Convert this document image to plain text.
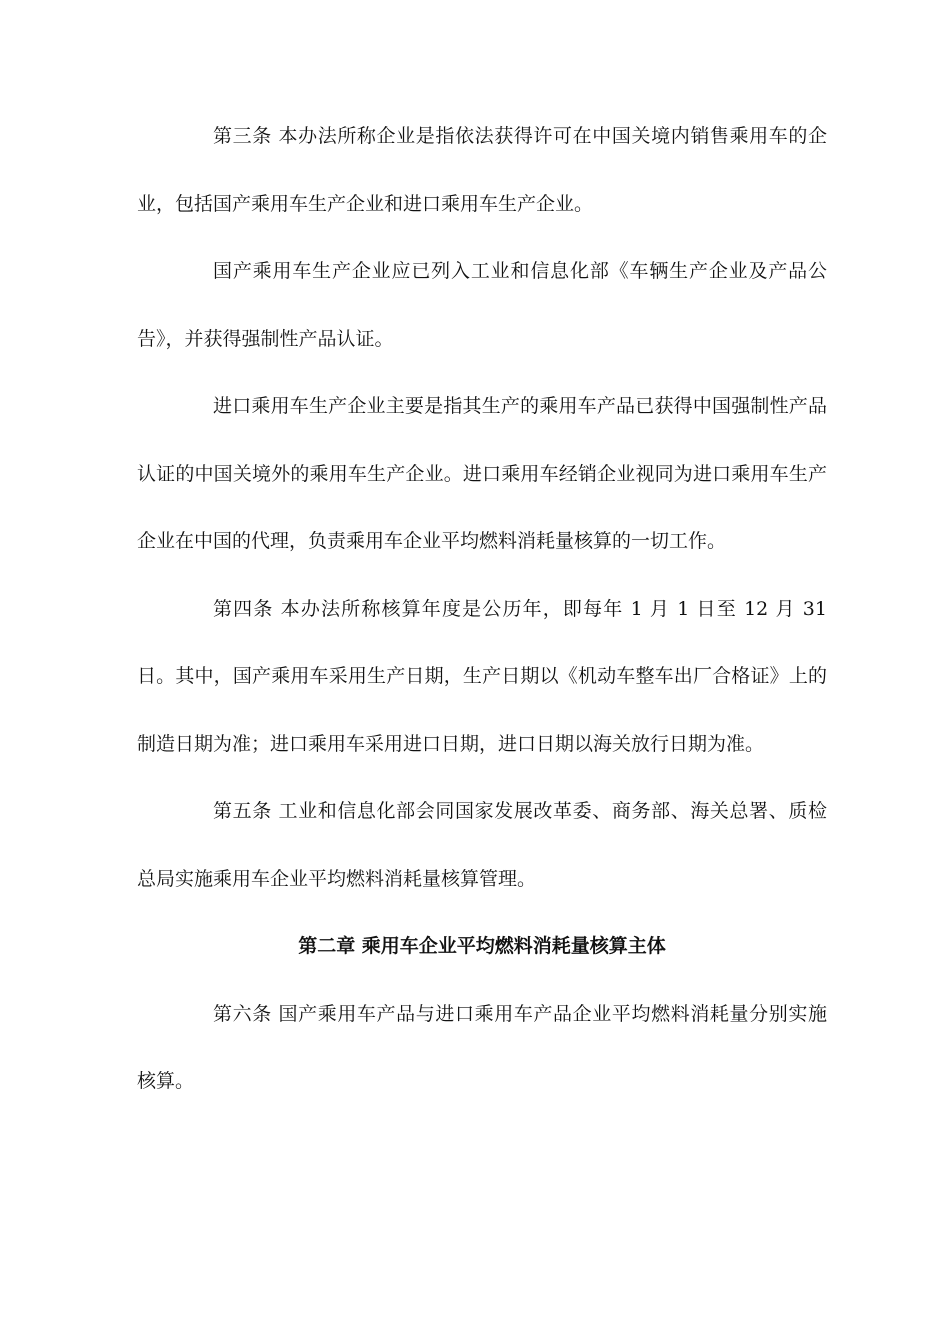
第三条 本办法所称企业是指依法获得许可在中国关境内销售乘用车的企业，包括国产乘用车生产企业和进口乘用车生产企业。

国产乘用车生产企业应已列入工业和信息化部《车辆生产企业及产品公告》，并获得强制性产品认证。

进口乘用车生产企业主要是指其生产的乘用车产品已获得中国强制性产品认证的中国关境外的乘用车生产企业。进口乘用车经销企业视同为进口乘用车生产企业在中国的代理，负责乘用车企业平均燃料消耗量核算的一切工作。

第四条 本办法所称核算年度是公历年，即每年 1 月 1 日至 12 月 31 日。其中，国产乘用车采用生产日期，生产日期以《机动车整车出厂合格证》上的制造日期为准；进口乘用车采用进口日期，进口日期以海关放行日期为准。

第五条 工业和信息化部会同国家发展改革委、商务部、海关总署、质检总局实施乘用车企业平均燃料消耗量核算管理。

第二章 乘用车企业平均燃料消耗量核算主体

第六条 国产乘用车产品与进口乘用车产品企业平均燃料消耗量分别实施核算。
